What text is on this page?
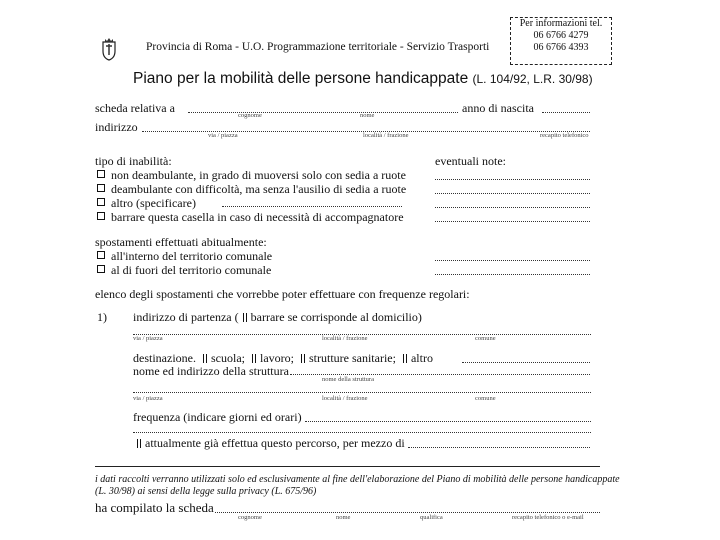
Provincia di Roma - U.O. Programmazione territoriale - Servizio Trasporti
Per informazioni tel.
06 6766 4279
06 6766 4393
Piano per la mobilità delle persone handicappate (L. 104/92, L.R. 30/98)
scheda relativa a	anno di nascita
cognome	nome
indirizzo
via / piazza	località / frazione	recapito telefonico
tipo di inabilità:	eventuali note:
non deambulante, in grado di muoversi solo con sedia a ruote
deambulante con difficoltà, ma senza l'ausilio di sedia a ruote
altro (specificare)
barrare questa casella in caso di necessità di accompagnatore
spostamenti effettuati abitualmente:
all'interno del territorio comunale
al di fuori del territorio comunale
elenco degli spostamenti che vorrebbe poter effettuare con frequenze regolari:
1) indirizzo di partenza ( barrare se corrisponde al domicilio)
via / piazza	località / frazione	comune
destinazione. scuola; lavoro; strutture sanitarie; altro
nome ed indirizzo della struttura
nome della struttura
via / piazza	località / frazione	comune
frequenza (indicare giorni ed orari)
attualmente già effettua questo percorso, per mezzo di
i dati raccolti verranno utilizzati solo ed esclusivamente al fine dell'elaborazione del Piano di mobilità delle persone handicappate
(L. 30/98) ai sensi della legge sulla privacy (L. 675/96)
ha compilato la scheda
cognome	nome	qualifica	recapito telefonico o e-mail
